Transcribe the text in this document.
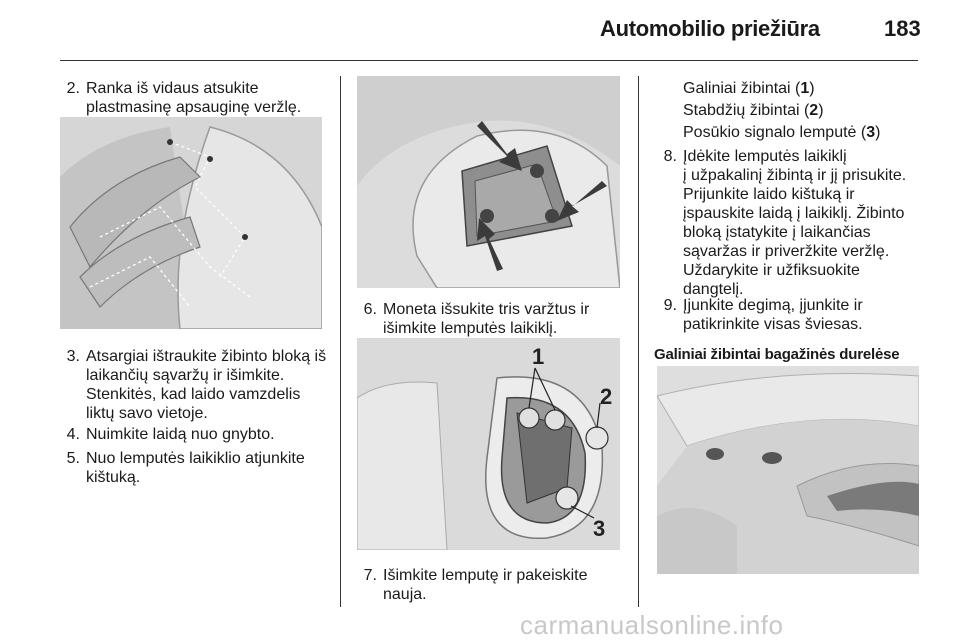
Automobilio priežiūra	183
2. Ranka iš vidaus atsukite
plastmasinę apsauginę veržlę.
3. Atsargiai ištraukite žibinto bloką iš
laikančių sąvaržų ir išimkite.
Stenkitės, kad laido vamzdelis
liktų savo vietoje.
4. Nuimkite laidą nuo gnybto.
5. Nuo lemputės laikiklio atjunkite
kištuką.
6. Moneta išsukite tris varžtus ir
išimkite lemputės laikiklį.
1
2
3
7. Išimkite lemputę ir pakeiskite
nauja.
Galiniai žibintai (1)
Stabdžių žibintai (2)
Posūkio signalo lemputė (3)
8. Įdėkite lemputės laikiklį
į užpakalinį žibintą ir jį prisukite.
Prijunkite laido kištuką ir
įspauskite laidą į laikiklį. Žibinto
bloką įstatykite į laikančias
sąvaržas ir priveržkite veržlę.
Uždarykite ir užfiksuokite
dangtelį.
9. Įjunkite degimą, įjunkite ir
patikrinkite visas šviesas.
Galiniai žibintai bagažinės durelėse
carmanualsonline.info
